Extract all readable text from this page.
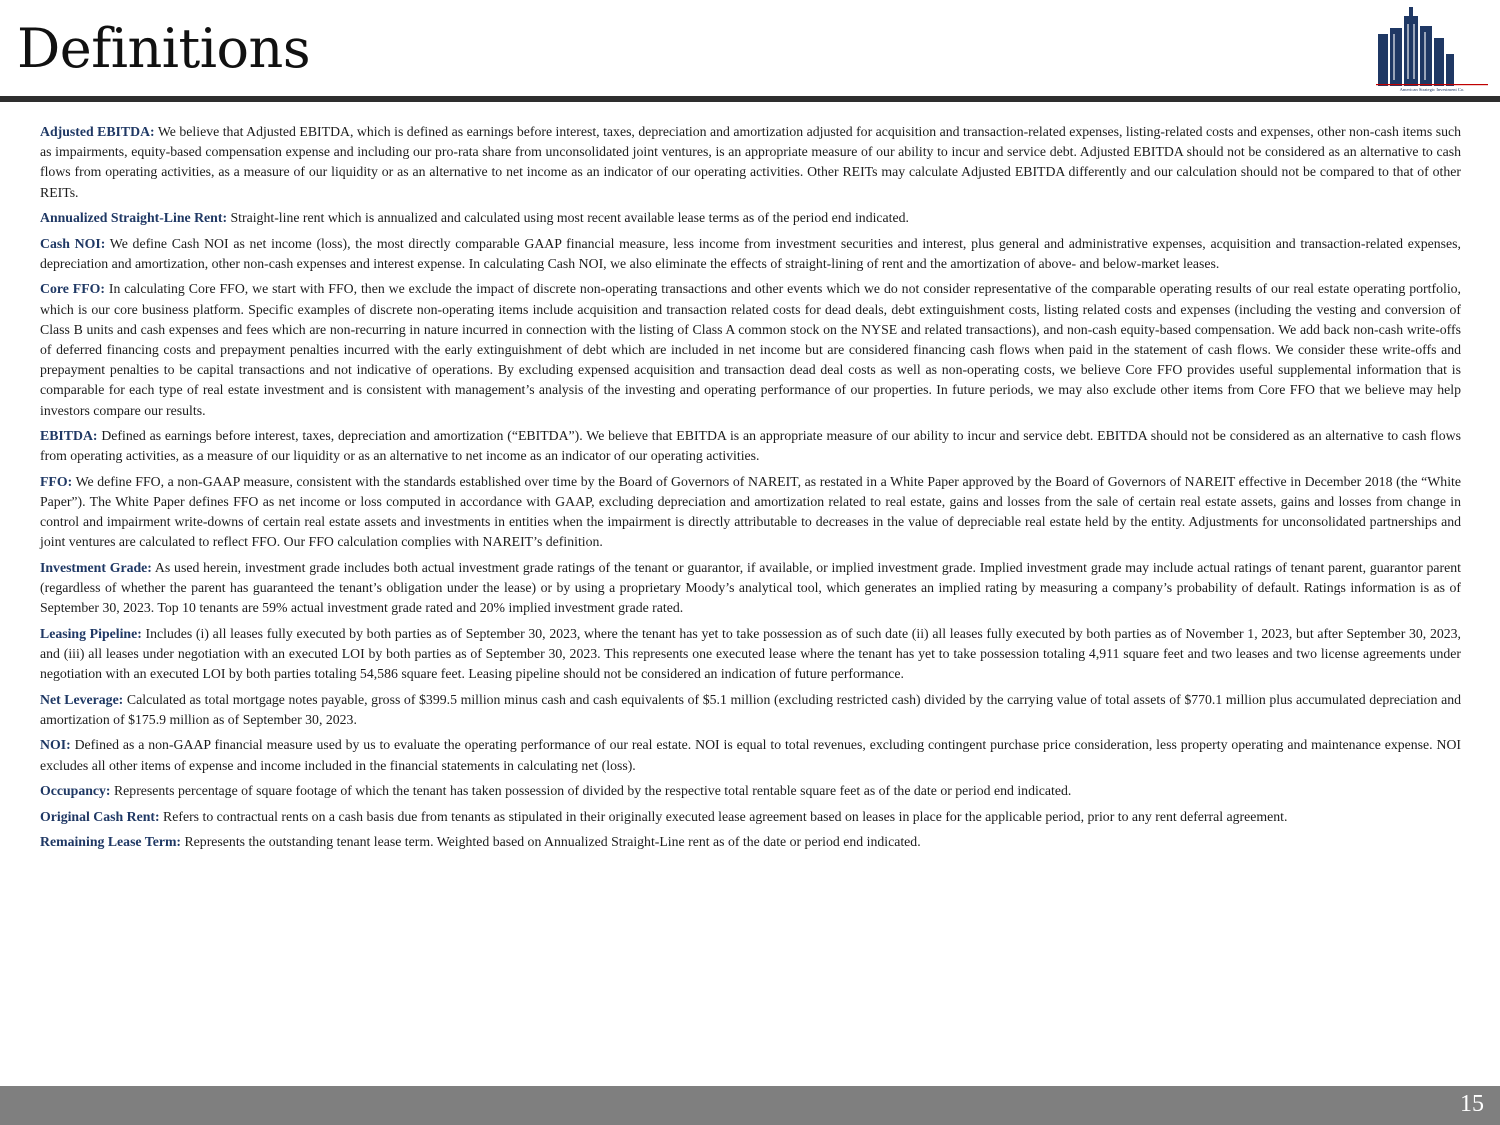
Definitions
American Strategic Investment Co.

Adjusted EBITDA: We believe that Adjusted EBITDA, which is defined as earnings before interest, taxes, depreciation and amortization adjusted for acquisition and transaction-related expenses, listing-related costs and expenses, other non-cash items such as impairments, equity-based compensation expense and including our pro-rata share from unconsolidated joint ventures, is an appropriate measure of our ability to incur and service debt. Adjusted EBITDA should not be considered as an alternative to cash flows from operating activities, as a measure of our liquidity or as an alternative to net income as an indicator of our operating activities. Other REITs may calculate Adjusted EBITDA differently and our calculation should not be compared to that of other REITs.

Annualized Straight-Line Rent: Straight-line rent which is annualized and calculated using most recent available lease terms as of the period end indicated.

Cash NOI: We define Cash NOI as net income (loss), the most directly comparable GAAP financial measure, less income from investment securities and interest, plus general and administrative expenses, acquisition and transaction-related expenses, depreciation and amortization, other non-cash expenses and interest expense. In calculating Cash NOI, we also eliminate the effects of straight-lining of rent and the amortization of above- and below-market leases.

Core FFO: In calculating Core FFO, we start with FFO, then we exclude the impact of discrete non-operating transactions and other events which we do not consider representative of the comparable operating results of our real estate operating portfolio, which is our core business platform. Specific examples of discrete non-operating items include acquisition and transaction related costs for dead deals, debt extinguishment costs, listing related costs and expenses (including the vesting and conversion of Class B units and cash expenses and fees which are non-recurring in nature incurred in connection with the listing of Class A common stock on the NYSE and related transactions), and non-cash equity-based compensation. We add back non-cash write-offs of deferred financing costs and prepayment penalties incurred with the early extinguishment of debt which are included in net income but are considered financing cash flows when paid in the statement of cash flows. We consider these write-offs and prepayment penalties to be capital transactions and not indicative of operations. By excluding expensed acquisition and transaction dead deal costs as well as non-operating costs, we believe Core FFO provides useful supplemental information that is comparable for each type of real estate investment and is consistent with management’s analysis of the investing and operating performance of our properties. In future periods, we may also exclude other items from Core FFO that we believe may help investors compare our results.

EBITDA: Defined as earnings before interest, taxes, depreciation and amortization (“EBITDA”). We believe that EBITDA is an appropriate measure of our ability to incur and service debt. EBITDA should not be considered as an alternative to cash flows from operating activities, as a measure of our liquidity or as an alternative to net income as an indicator of our operating activities.

FFO: We define FFO, a non-GAAP measure, consistent with the standards established over time by the Board of Governors of NAREIT, as restated in a White Paper approved by the Board of Governors of NAREIT effective in December 2018 (the “White Paper”). The White Paper defines FFO as net income or loss computed in accordance with GAAP, excluding depreciation and amortization related to real estate, gains and losses from the sale of certain real estate assets, gains and losses from change in control and impairment write-downs of certain real estate assets and investments in entities when the impairment is directly attributable to decreases in the value of depreciable real estate held by the entity. Adjustments for unconsolidated partnerships and joint ventures are calculated to reflect FFO. Our FFO calculation complies with NAREIT’s definition.

Investment Grade: As used herein, investment grade includes both actual investment grade ratings of the tenant or guarantor, if available, or implied investment grade. Implied investment grade may include actual ratings of tenant parent, guarantor parent (regardless of whether the parent has guaranteed the tenant’s obligation under the lease) or by using a proprietary Moody’s analytical tool, which generates an implied rating by measuring a company’s probability of default. Ratings information is as of September 30, 2023. Top 10 tenants are 59% actual investment grade rated and 20% implied investment grade rated.

Leasing Pipeline: Includes (i) all leases fully executed by both parties as of September 30, 2023, where the tenant has yet to take possession as of such date (ii) all leases fully executed by both parties as of November 1, 2023, but after September 30, 2023, and (iii) all leases under negotiation with an executed LOI by both parties as of September 30, 2023. This represents one executed lease where the tenant has yet to take possession totaling 4,911 square feet and two leases and two license agreements under negotiation with an executed LOI by both parties totaling 54,586 square feet. Leasing pipeline should not be considered an indication of future performance.

Net Leverage: Calculated as total mortgage notes payable, gross of $399.5 million minus cash and cash equivalents of $5.1 million (excluding restricted cash) divided by the carrying value of total assets of $770.1 million plus accumulated depreciation and amortization of $175.9 million as of September 30, 2023.

NOI: Defined as a non-GAAP financial measure used by us to evaluate the operating performance of our real estate. NOI is equal to total revenues, excluding contingent purchase price consideration, less property operating and maintenance expense. NOI excludes all other items of expense and income included in the financial statements in calculating net (loss).

Occupancy: Represents percentage of square footage of which the tenant has taken possession of divided by the respective total rentable square feet as of the date or period end indicated.

Original Cash Rent: Refers to contractual rents on a cash basis due from tenants as stipulated in their originally executed lease agreement based on leases in place for the applicable period, prior to any rent deferral agreement.

Remaining Lease Term: Represents the outstanding tenant lease term. Weighted based on Annualized Straight-Line rent as of the date or period end indicated.

15
